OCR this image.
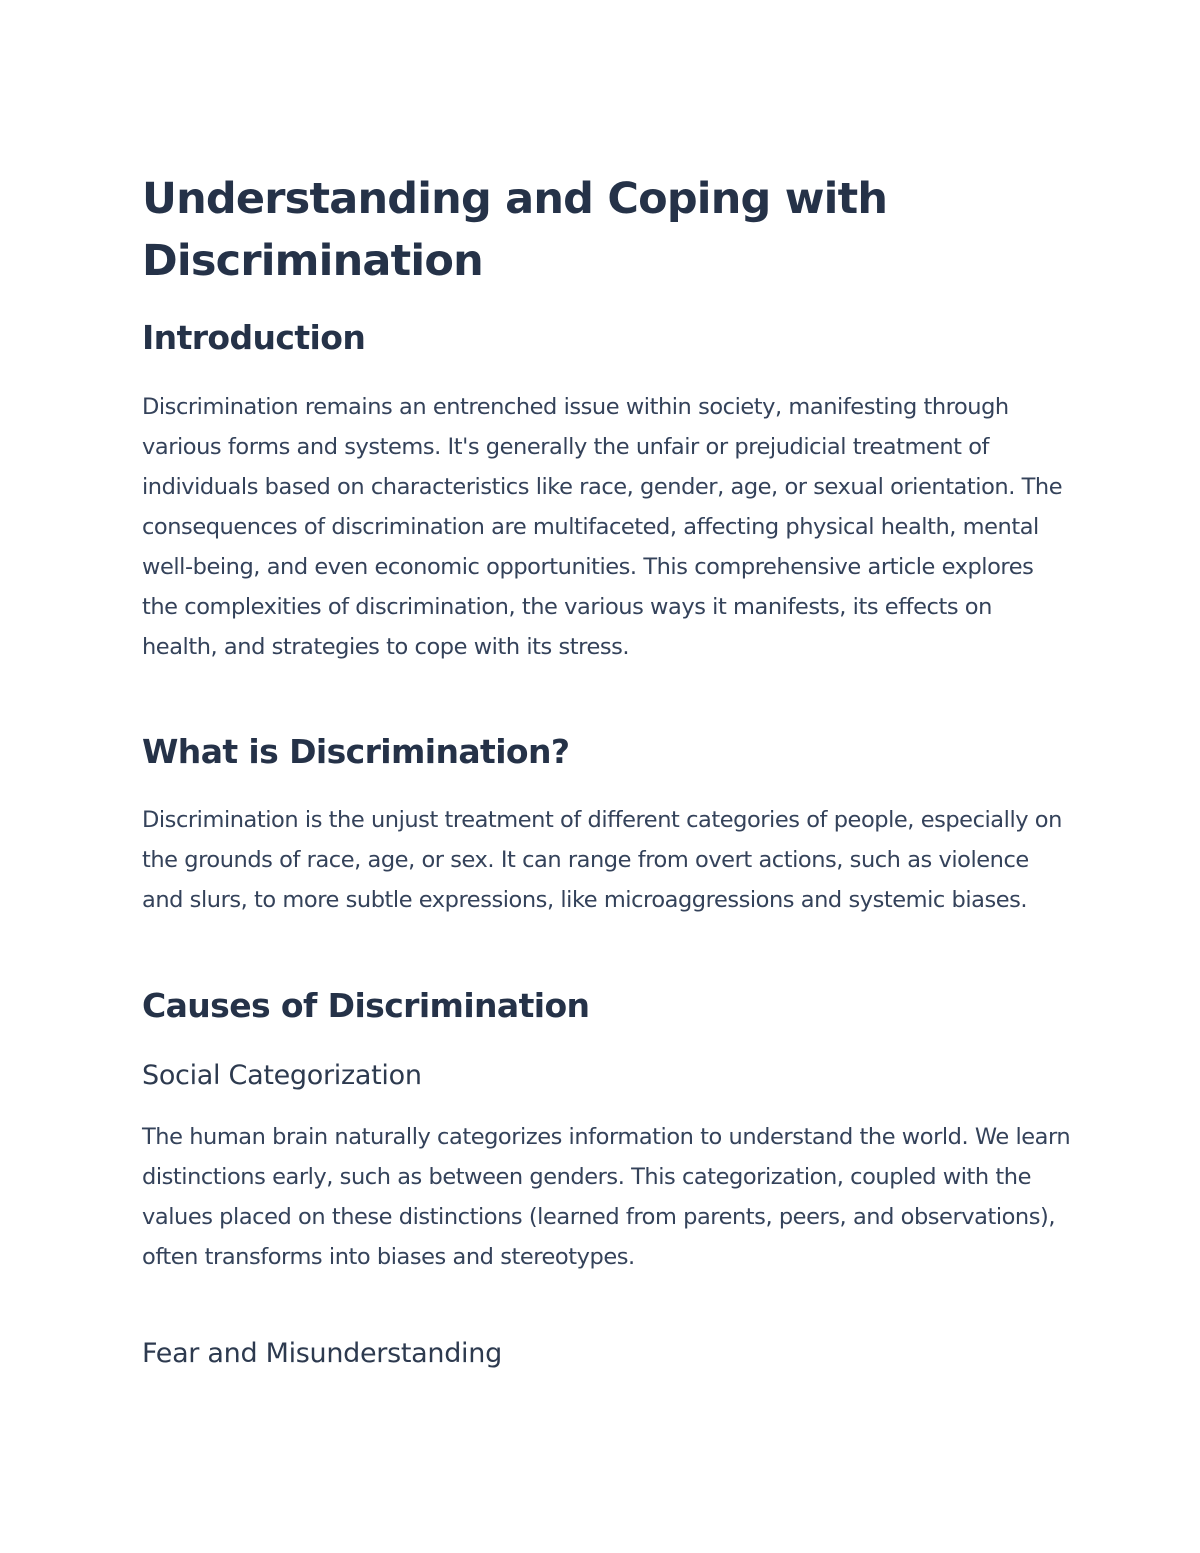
Understanding and Coping with Discrimination
Introduction

Discrimination remains an entrenched issue within society, manifesting through various forms and systems. It's generally the unfair or prejudicial treatment of individuals based on characteristics like race, gender, age, or sexual orientation. The consequences of discrimination are multifaceted, affecting physical health, mental well-being, and even economic opportunities. This comprehensive article explores the complexities of discrimination, the various ways it manifests, its effects on health, and strategies to cope with its stress.

What is Discrimination?

Discrimination is the unjust treatment of different categories of people, especially on the grounds of race, age, or sex. It can range from overt actions, such as violence and slurs, to more subtle expressions, like microaggressions and systemic biases.

Causes of Discrimination
Social Categorization

The human brain naturally categorizes information to understand the world. We learn distinctions early, such as between genders. This categorization, coupled with the values placed on these distinctions (learned from parents, peers, and observations), often transforms into biases and stereotypes.

Fear and Misunderstanding
